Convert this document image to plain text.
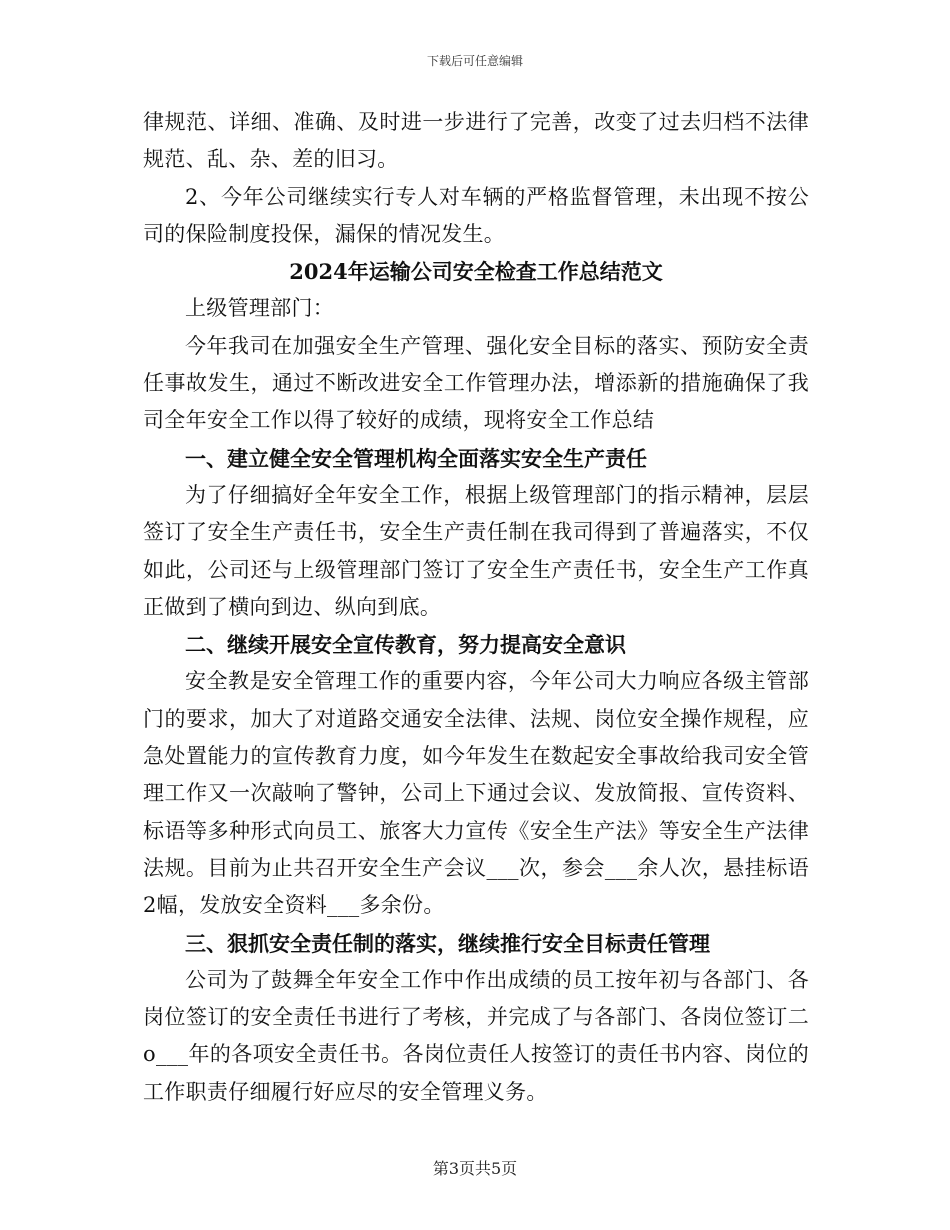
下载后可任意编辑

律规范、详细、准确、及时进一步进行了完善，改变了过去归档不法律规范、乱、杂、差的旧习。

2、今年公司继续实行专人对车辆的严格监督管理，未出现不按公司的保险制度投保，漏保的情况发生。

2024年运输公司安全检查工作总结范文

上级管理部门：

今年我司在加强安全生产管理、强化安全目标的落实、预防安全责任事故发生，通过不断改进安全工作管理办法，增添新的措施确保了我司全年安全工作以得了较好的成绩，现将安全工作总结

一、建立健全安全管理机构全面落实安全生产责任

为了仔细搞好全年安全工作，根据上级管理部门的指示精神，层层签订了安全生产责任书，安全生产责任制在我司得到了普遍落实，不仅如此，公司还与上级管理部门签订了安全生产责任书，安全生产工作真正做到了横向到边、纵向到底。

二、继续开展安全宣传教育，努力提高安全意识

安全教是安全管理工作的重要内容，今年公司大力响应各级主管部门的要求，加大了对道路交通安全法律、法规、岗位安全操作规程，应急处置能力的宣传教育力度，如今年发生在数起安全事故给我司安全管理工作又一次敲响了警钟，公司上下通过会议、发放简报、宣传资料、标语等多种形式向员工、旅客大力宣传《安全生产法》等安全生产法律法规。目前为止共召开安全生产会议___次，参会___余人次，悬挂标语2幅，发放安全资料___多余份。

三、狠抓安全责任制的落实，继续推行安全目标责任管理

公司为了鼓舞全年安全工作中作出成绩的员工按年初与各部门、各岗位签订的安全责任书进行了考核，并完成了与各部门、各岗位签订二o___年的各项安全责任书。各岗位责任人按签订的责任书内容、岗位的工作职责仔细履行好应尽的安全管理义务。

第3页共5页
